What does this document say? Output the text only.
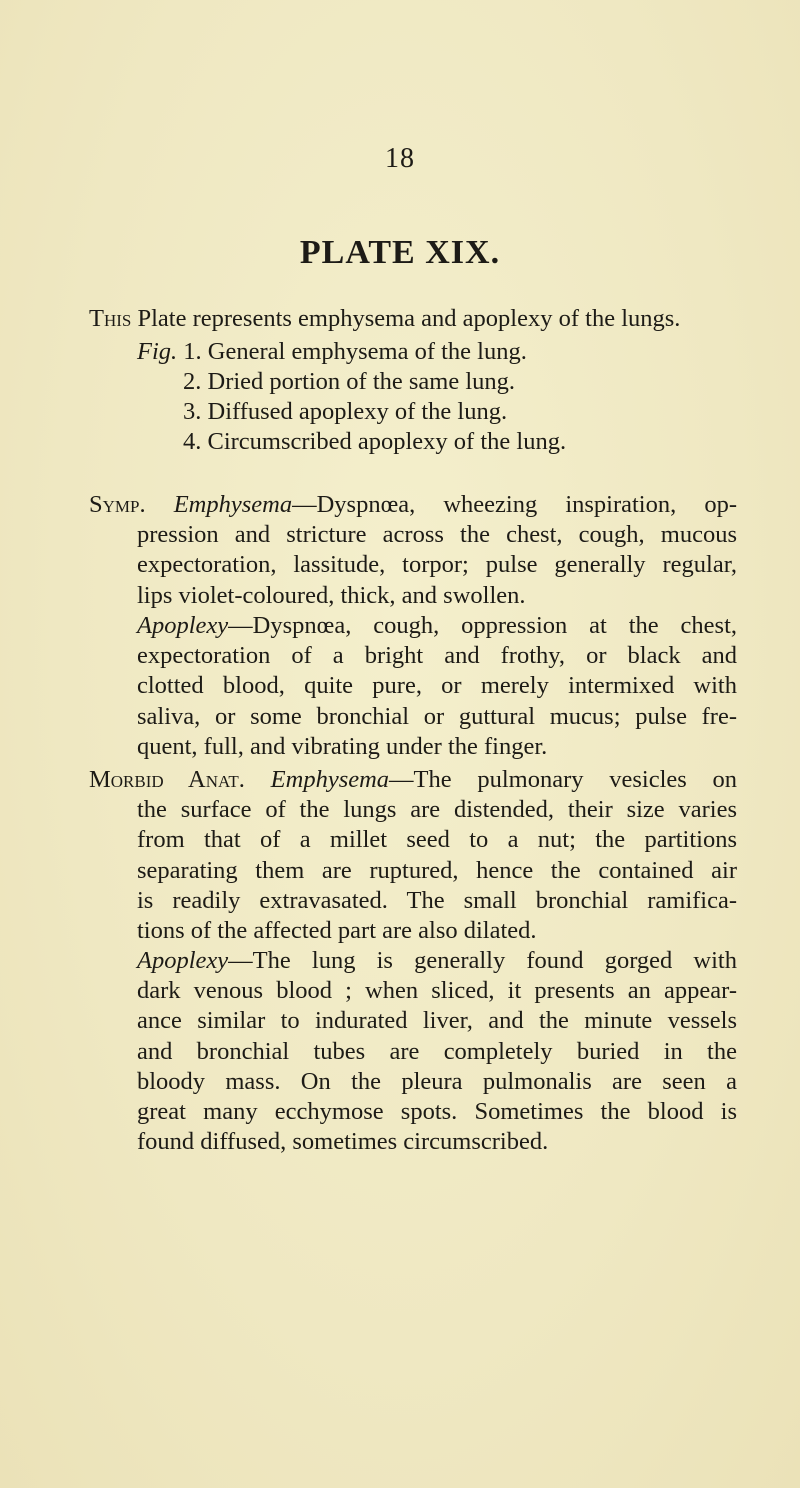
18
PLATE XIX.
This Plate represents emphysema and apoplexy of the lungs.
Fig. 1. General emphysema of the lung.
2. Dried portion of the same lung.
3. Diffused apoplexy of the lung.
4. Circumscribed apoplexy of the lung.
Symp. Emphysema—Dyspnœa, wheezing inspiration, op-
pression and stricture across the chest, cough, mucous
expectoration, lassitude, torpor; pulse generally regular,
lips violet-coloured, thick, and swollen.
Apoplexy—Dyspnœa, cough, oppression at the chest,
expectoration of a bright and frothy, or black and
clotted blood, quite pure, or merely intermixed with
saliva, or some bronchial or guttural mucus; pulse fre-
quent, full, and vibrating under the finger.
Morbid Anat. Emphysema—The pulmonary vesicles on
the surface of the lungs are distended, their size varies
from that of a millet seed to a nut; the partitions
separating them are ruptured, hence the contained air
is readily extravasated. The small bronchial ramifica-
tions of the affected part are also dilated.
Apoplexy—The lung is generally found gorged with
dark venous blood ; when sliced, it presents an appear-
ance similar to indurated liver, and the minute vessels
and bronchial tubes are completely buried in the
bloody mass. On the pleura pulmonalis are seen a
great many ecchymose spots. Sometimes the blood is
found diffused, sometimes circumscribed.
